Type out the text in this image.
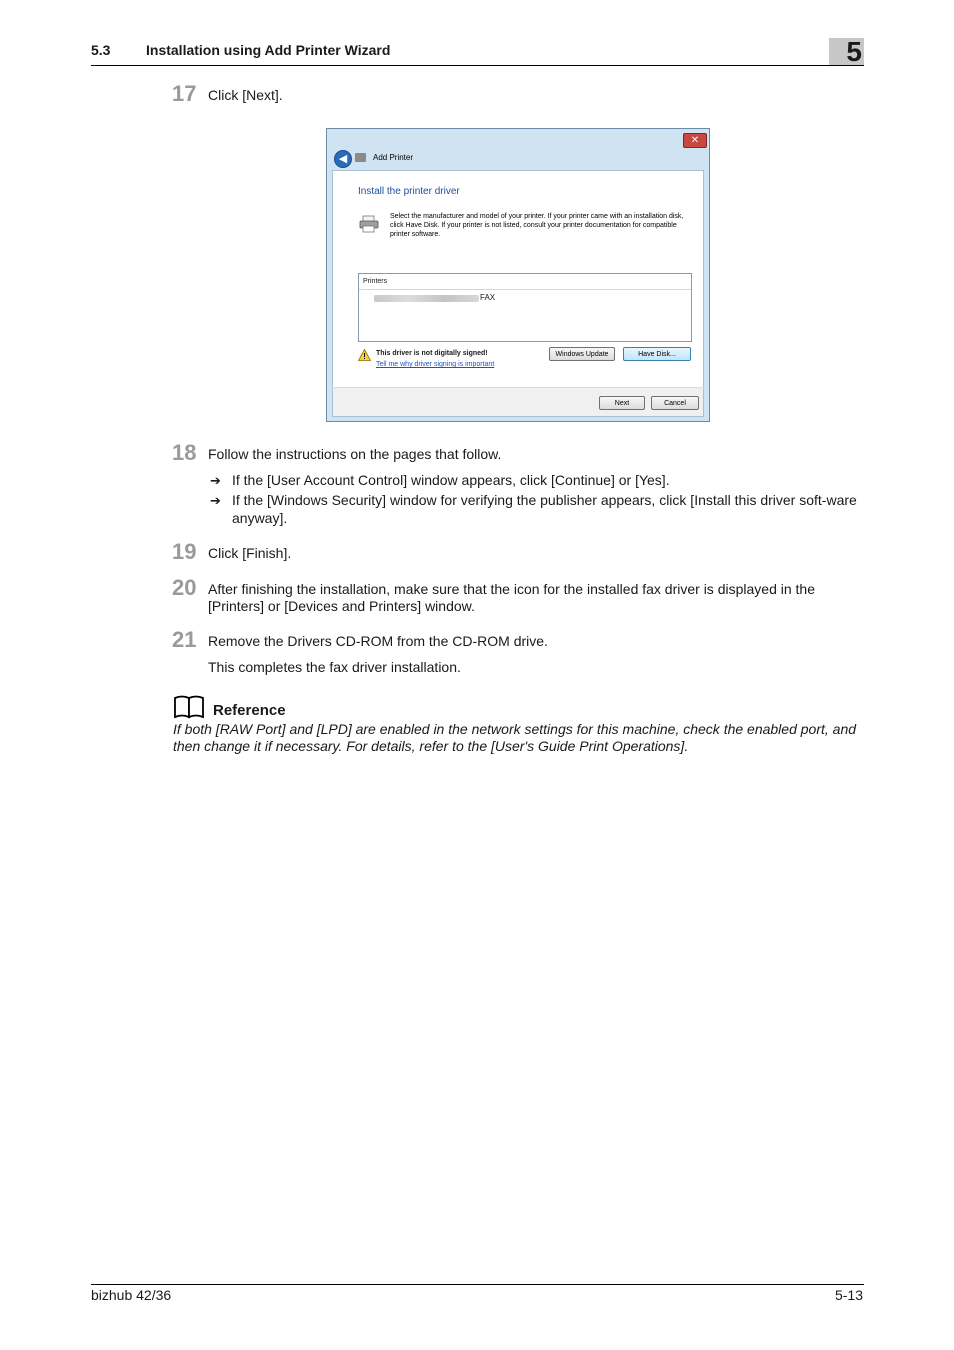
5.3	Installation using Add Printer Wizard	5
17 Click [Next].
✕
◀	Add Printer
Install the printer driver
Select the manufacturer and model of your printer. If your printer came with an installation disk, click Have Disk. If your printer is not listed, consult your printer documentation for compatible printer software.
Printers
FAX
This driver is not digitally signed!
Tell me why driver signing is important
Windows Update	Have Disk...
Next	Cancel
18 Follow the instructions on the pages that follow.
➔ If the [User Account Control] window appears, click [Continue] or [Yes].
➔ If the [Windows Security] window for verifying the publisher appears, click [Install this driver soft-ware anyway].
19 Click [Finish].
20 After finishing the installation, make sure that the icon for the installed fax driver is displayed in the [Printers] or [Devices and Printers] window.
21 Remove the Drivers CD-ROM from the CD-ROM drive.
This completes the fax driver installation.
Reference
If both [RAW Port] and [LPD] are enabled in the network settings for this machine, check the enabled port, and then change it if necessary. For details, refer to the [User's Guide Print Operations].
bizhub 42/36	5-13
